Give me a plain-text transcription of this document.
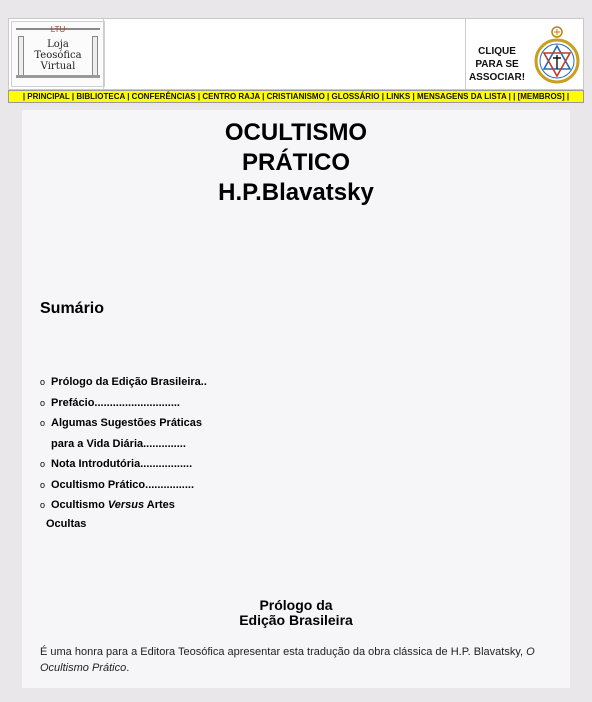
LTU
Loja
Teosófica
Virtual
CLIQUE
PARA SE
ASSOCIAR!
| PRINCIPAL | BIBLIOTECA | CONFERÊNCIAS | CENTRO RAJA | CRISTIANISMO | GLOSSÁRIO | LINKS | MENSAGENS DA LISTA | | [MEMBROS] |
OCULTISMO
PRÁTICO
H.P.Blavatsky
Sumário
o Prólogo da Edição Brasileira..
o Prefácio............................
o Algumas Sugestões Práticas
para a Vida Diária..............
o Nota Introdutória.................
o Ocultismo Prático................
o Ocultismo Versus Artes
Ocultas
Prólogo da
Edição Brasileira
É uma honra para a Editora Teosófica apresentar esta tradução da obra clássica de H.P. Blavatsky, O Ocultismo Prático.
